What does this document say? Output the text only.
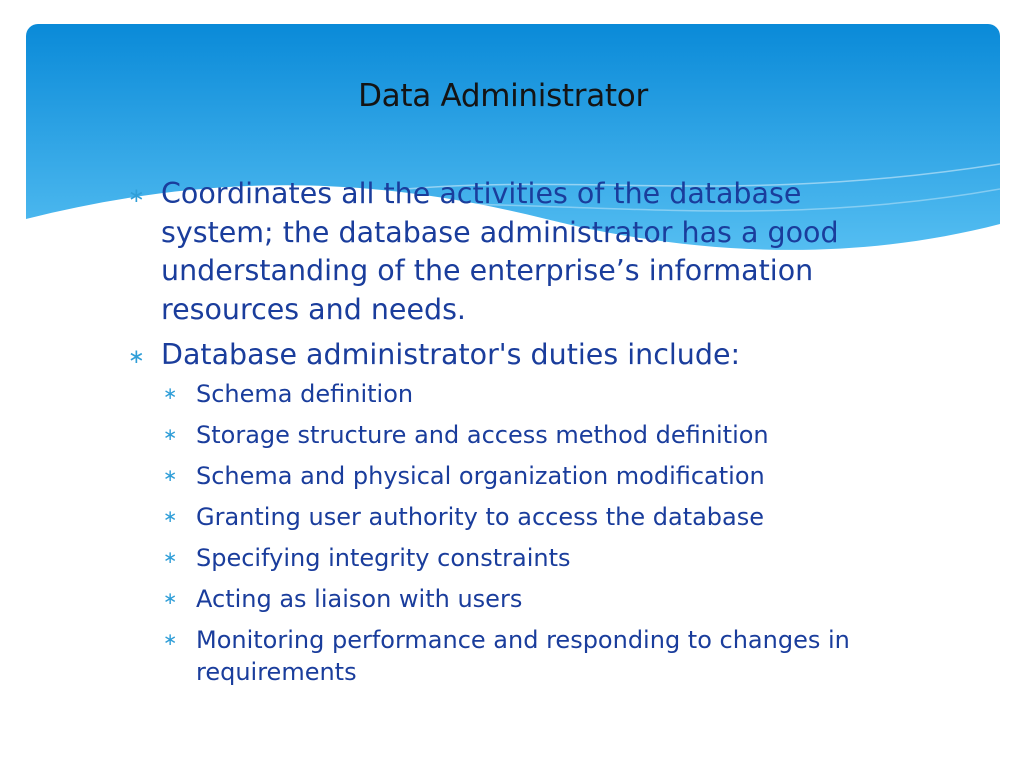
Data Administrator
∗ Coordinates all the activities of the database system; the database administrator has a good understanding of the enterprise’s information resources and needs.
∗ Database administrator's duties include:
∗ Schema definition
∗ Storage structure and access method definition
∗ Schema and physical organization modification
∗ Granting user authority to access the database
∗ Specifying integrity constraints
∗ Acting as liaison with users
∗ Monitoring performance and responding to changes in requirements
